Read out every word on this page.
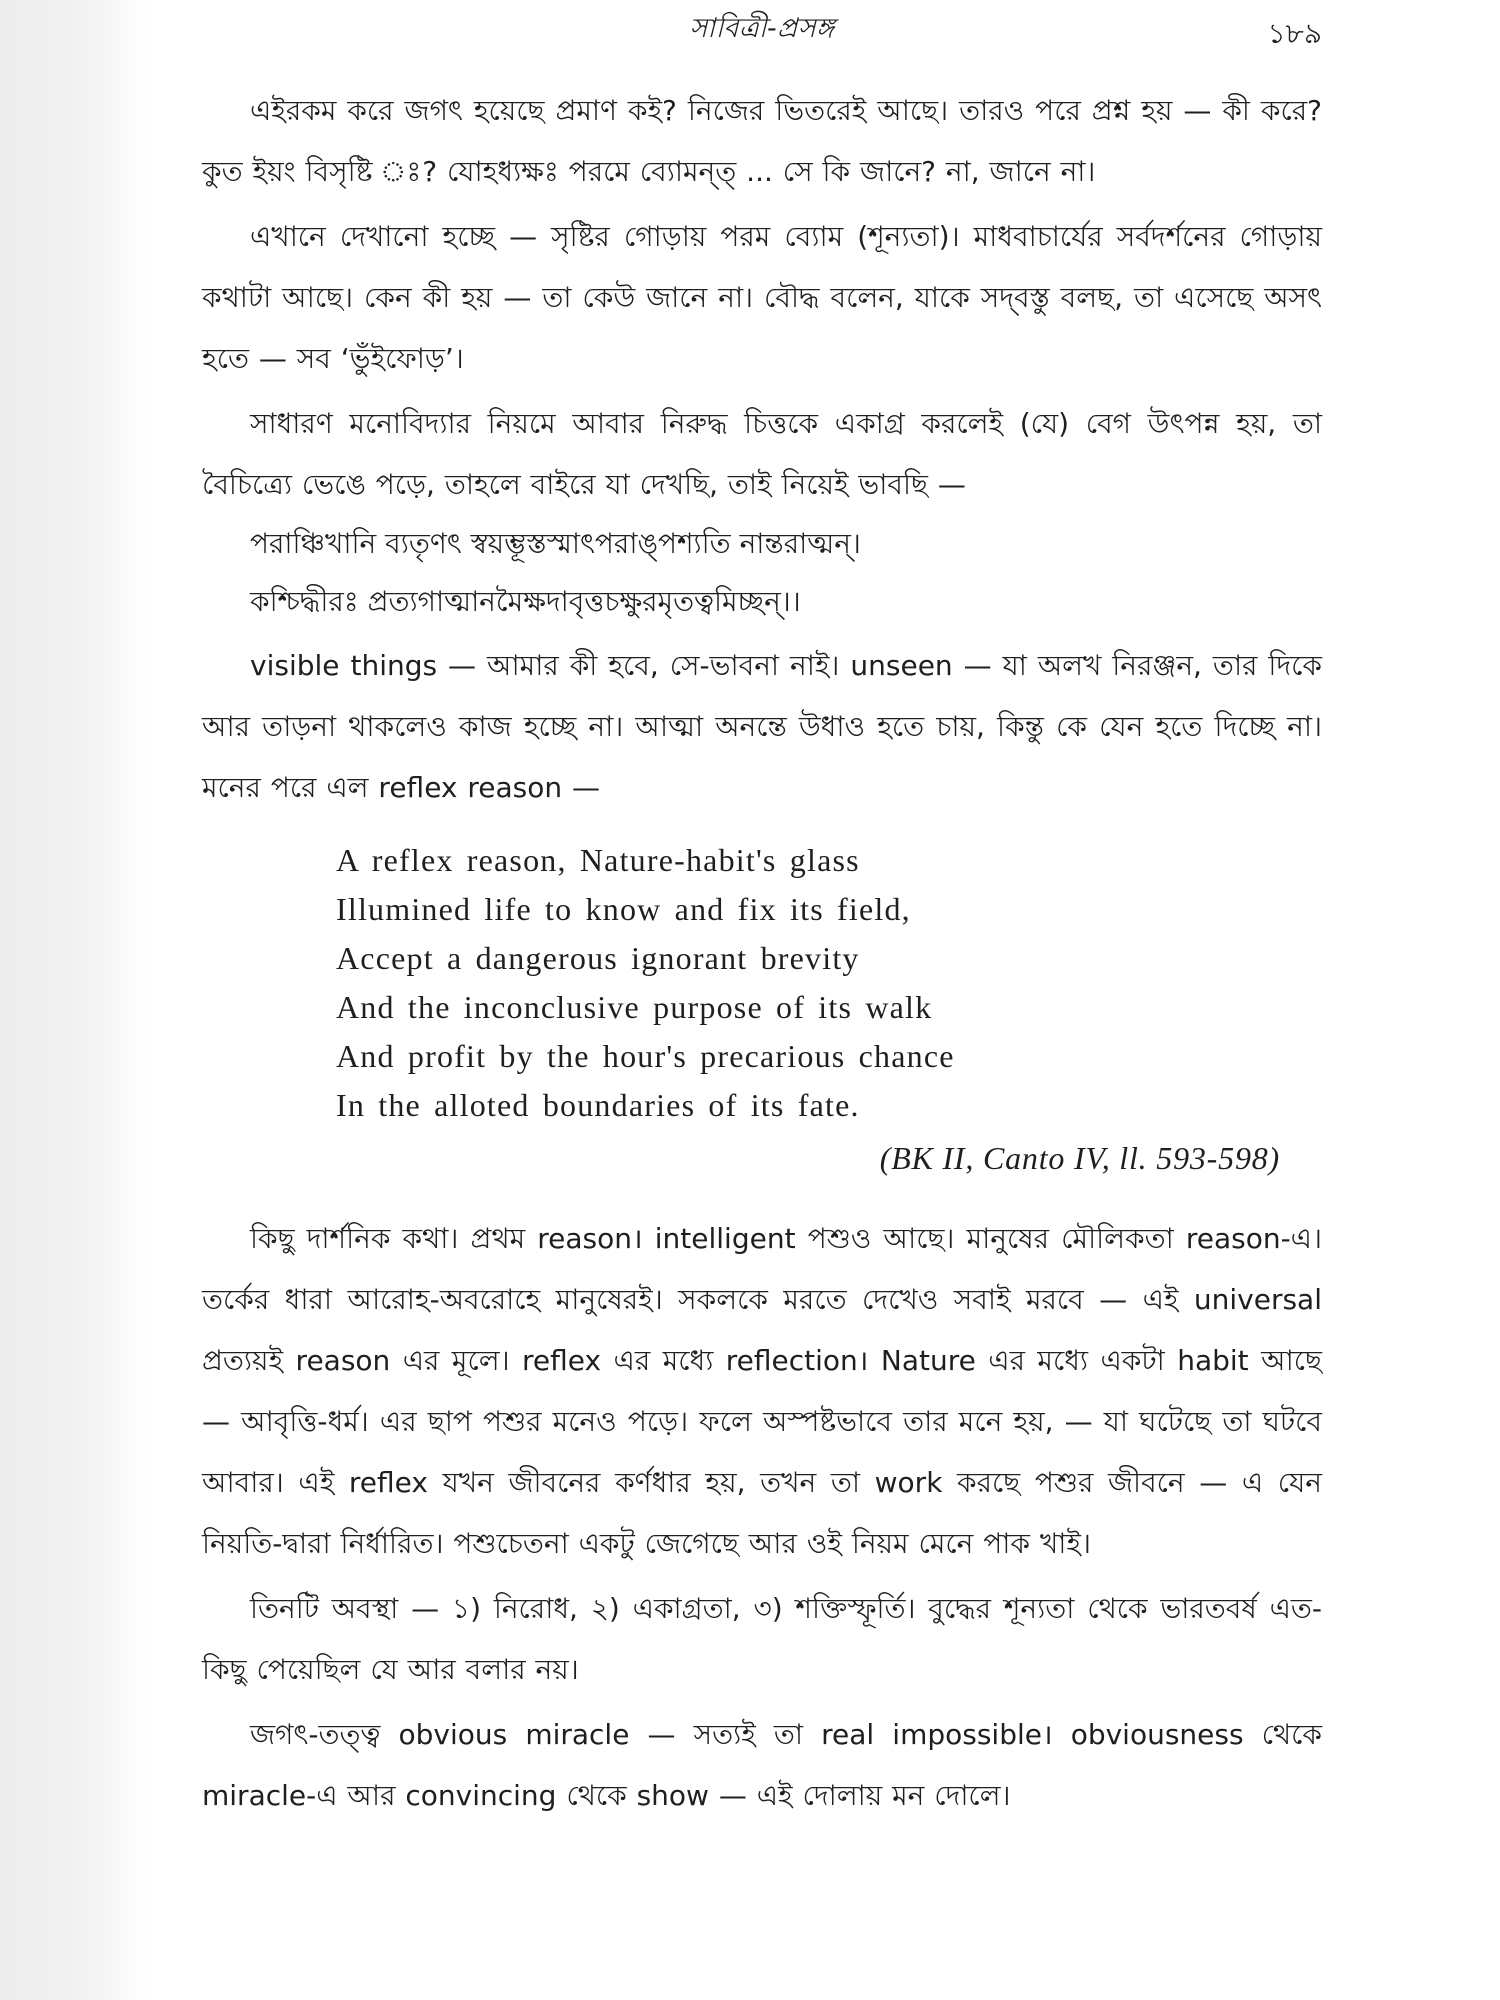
সাবিত্রী-প্রসঙ্গ	১৮৯

এইরকম করে জগৎ হয়েছে প্রমাণ কই? নিজের ভিতরেই আছে। তারও পরে প্রশ্ন হয় — কী করে? কুত ইয়ং বিসৃষ্টি ঃ? যোহধ্যক্ষঃ পরমে ব্যোমন্ত্ ... সে কি জানে? না, জানে না।

এখানে দেখানো হচ্ছে — সৃষ্টির গোড়ায় পরম ব্যোম (শূন্যতা)। মাধবাচার্যের সর্বদর্শনের গোড়ায় কথাটা আছে। কেন কী হয় — তা কেউ জানে না। বৌদ্ধ বলেন, যাকে সদ্‌বস্তু বলছ, তা এসেছে অসৎ হতে — সব ‘ভুঁইফোড়’।

সাধারণ মনোবিদ্যার নিয়মে আবার নিরুদ্ধ চিত্তকে একাগ্র করলেই (যে) বেগ উৎপন্ন হয়, তা বৈচিত্র্যে ভেঙে পড়ে, তাহলে বাইরে যা দেখছি, তাই নিয়েই ভাবছি —

পরাঞ্চিখানি ব্যতৃণৎ স্বয়ম্ভূস্তস্মাৎপরাঙ্‌পশ্যতি নান্তরাত্মন্।

কশ্চিদ্ধীরঃ প্রত্যগাত্মানমৈক্ষদাবৃত্তচক্ষুরমৃতত্বমিচ্ছন্।।

visible things — আমার কী হবে, সে-ভাবনা নাই। unseen — যা অলখ নিরঞ্জন, তার দিকে আর তাড়না থাকলেও কাজ হচ্ছে না। আত্মা অনন্তে উধাও হতে চায়, কিন্তু কে যেন হতে দিচ্ছে না। মনের পরে এল reflex reason —

A reflex reason, Nature-habit's glass
Illumined life to know and fix its field,
Accept a dangerous ignorant brevity
And the inconclusive purpose of its walk
And profit by the hour's precarious chance
In the alloted boundaries of its fate.
(BK II, Canto IV, ll. 593-598)

কিছু দার্শনিক কথা। প্রথম reason। intelligent পশুও আছে। মানুষের মৌলিকতা reason-এ। তর্কের ধারা আরোহ-অবরোহে মানুষেরই। সকলকে মরতে দেখেও সবাই মরবে — এই universal প্রত্যয়ই reason এর মূলে। reflex এর মধ্যে reflection। Nature এর মধ্যে একটা habit আছে — আবৃত্তি-ধর্ম। এর ছাপ পশুর মনেও পড়ে। ফলে অস্পষ্টভাবে তার মনে হয়, — যা ঘটেছে তা ঘটবে আবার। এই reflex যখন জীবনের কর্ণধার হয়, তখন তা work করছে পশুর জীবনে — এ যেন নিয়তি-দ্বারা নির্ধারিত। পশুচেতনা একটু জেগেছে আর ওই নিয়ম মেনে পাক খাই।

তিনটি অবস্থা — ১) নিরোধ, ২) একাগ্রতা, ৩) শক্তিস্ফূর্তি। বুদ্ধের শূন্যতা থেকে ভারতবর্ষ এত-কিছু পেয়েছিল যে আর বলার নয়।

জগৎ-তত্ত্ব obvious miracle — সত্যই তা real impossible। obviousness থেকে miracle-এ আর convincing থেকে show — এই দোলায় মন দোলে।
